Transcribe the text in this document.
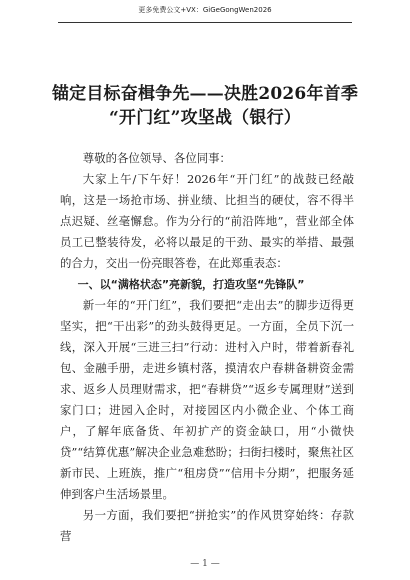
更多免费公文+VX：GiGeGongWen2026
锚定目标奋楫争先——决胜2026年首季
“开门红”攻坚战（银行）

尊敬的各位领导、各位同事：

大家上午/下午好！2026年“开门红”的战鼓已经敲响，这是一场抢市场、拼业绩、比担当的硬仗，容不得半点迟疑、丝毫懈怠。作为分行的“前沿阵地”，营业部全体员工已整装待发，必将以最足的干劲、最实的举措、最强的合力，交出一份亮眼答卷，在此郑重表态：

一、以“满格状态”亮新貌，打造攻坚“先锋队”

新一年的“开门红”，我们要把“走出去”的脚步迈得更坚实，把“干出彩”的劲头鼓得更足。一方面，全员下沉一线，深入开展“三进三扫”行动：进村入户时，带着新春礼包、金融手册，走进乡镇村落，摸清农户春耕备耕资金需求、返乡人员理财需求，把“春耕贷”“返乡专属理财”送到家门口；进园入企时，对接园区内小微企业、个体工商户，了解年底备货、年初扩产的资金缺口，用“小微快贷”“结算优惠”解决企业急难愁盼；扫街扫楼时，聚焦社区新市民、上班族，推广“租房贷”“信用卡分期”，把服务延伸到客户生活场景里。

另一方面，我们要把“拼抢实”的作风贯穿始终：存款营

— 1 —
